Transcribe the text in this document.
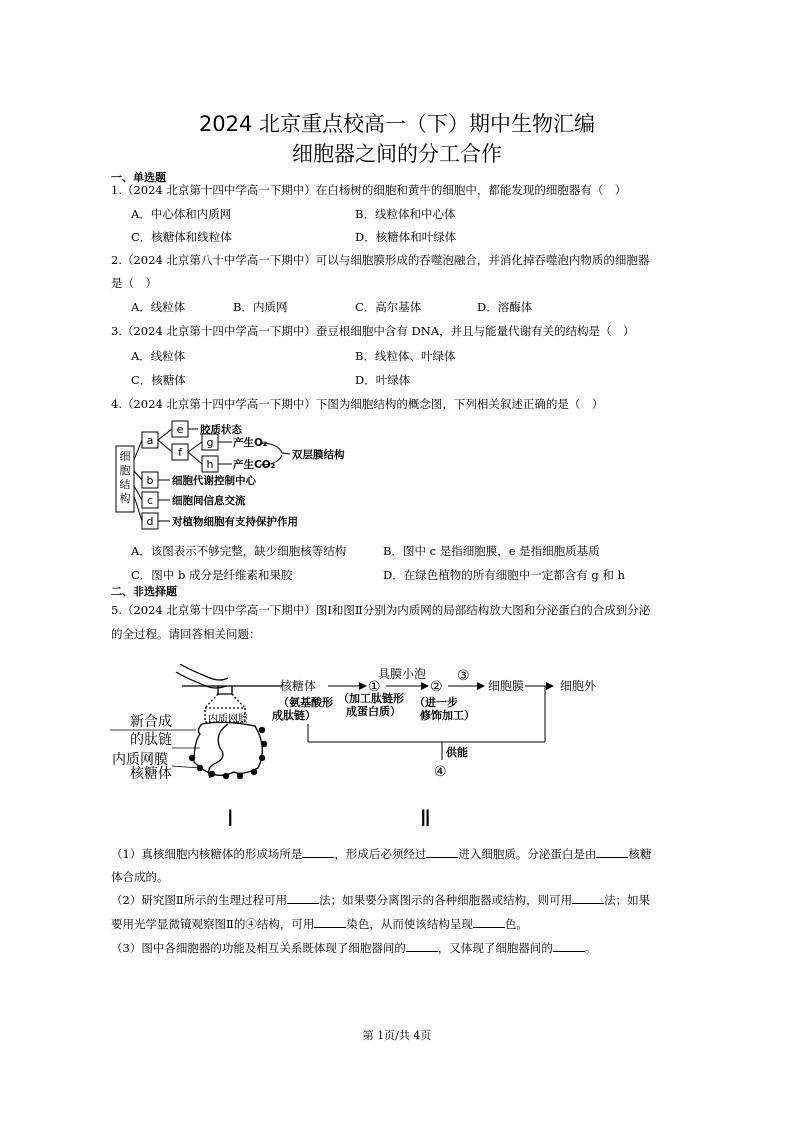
2024 北京重点校高一（下）期中生物汇编
细胞器之间的分工合作
一、单选题
1.（2024 北京第十四中学高一下期中）在白杨树的细胞和黄牛的细胞中，都能发现的细胞器有（　）
A．中心体和内质网	B．线粒体和中心体
C．核糖体和线粒体	D．核糖体和叶绿体
2.（2024 北京第八十中学高一下期中）可以与细胞膜形成的吞噬泡融合，并消化掉吞噬泡内物质的细胞器
是（　）
A．线粒体	B．内质网	C．高尔基体	D．溶酶体
3.（2024 北京第十四中学高一下期中）蚕豆根细胞中含有 DNA，并且与能量代谢有关的结构是（　）
A．线粒体	B．线粒体、叶绿体
C．核糖体	D．叶绿体
4.（2024 北京第十四中学高一下期中）下图为细胞结构的概念图，下列相关叙述正确的是（　）
细
胞
结
构
a
e
f
g
h
b
c
d
胶质状态
产生O₂
产生CO₂
双层膜结构
细胞代谢控制中心
细胞间信息交流
对植物细胞有支持保护作用
A．该图表示不够完整，缺少细胞核等结构	B．图中 c 是指细胞膜，e 是指细胞质基质
C．图中 b 成分是纤维素和果胶	D．在绿色植物的所有细胞中一定都含有 g 和 h
二、非选择题
5.（2024 北京第十四中学高一下期中）图Ⅰ和图Ⅱ分别为内质网的局部结构放大图和分泌蛋白的合成到分泌
的全过程。请回答相关问题：
内质网腔
新合成
的肽链
内质网膜
核糖体
Ⅰ
核糖体	①
具膜小泡
②
③
细胞膜	细胞外
（氨基酸形
成肽链）
（加工肽链形
成蛋白质）
（进一步
修饰加工）
供能
④
Ⅱ
（1）真核细胞内核糖体的形成场所是	，形成后必须经过	进入细胞质。分泌蛋白是由	核糖
体合成的。
（2）研究图Ⅱ所示的生理过程可用	法；如果要分离图示的各种细胞器或结构，则可用	法；如果
要用光学显微镜观察图Ⅱ的④结构，可用	染色，从而使该结构呈现	色。
（3）图中各细胞器的功能及相互关系既体现了细胞器间的	，又体现了细胞器间的	。
第 1页/共 4页
